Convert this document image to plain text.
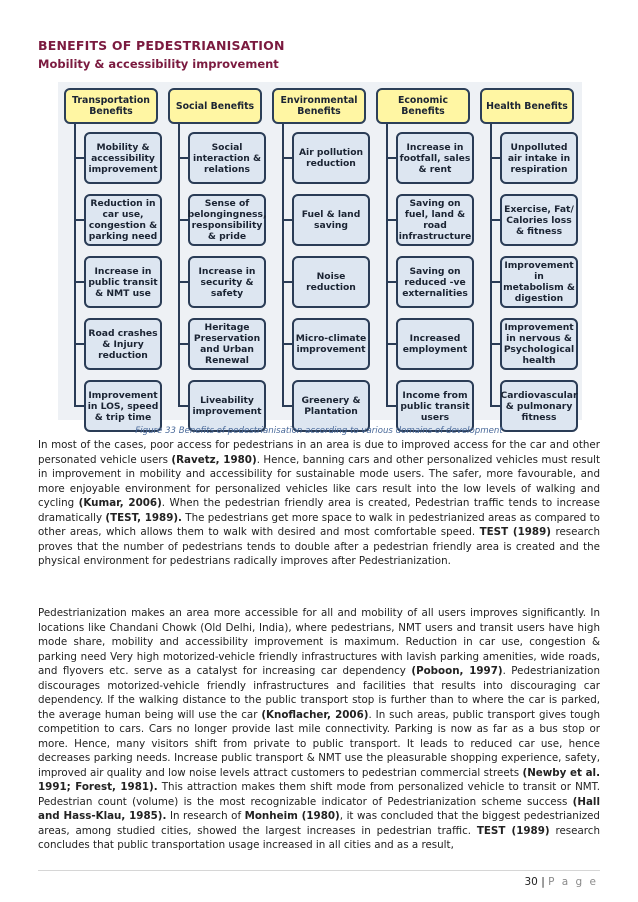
BENEFITS OF PEDESTRIANISATION
Mobility & accessibility improvement
Transportation Benefits
Mobility & accessibility improvement
Reduction in car use, congestion & parking need
Increase in public transit & NMT use
Road crashes & Injury reduction
Improvement in LOS, speed & trip time
Social Benefits
Social interaction & relations
Sense of belongingness, responsibility & pride
Increase in security & safety
Heritage Preservation and Urban Renewal
Liveability improvement
Environmental Benefits
Air pollution reduction
Fuel & land saving
Noise reduction
Micro-climate improvement
Greenery & Plantation
Economic Benefits
Increase in footfall, sales & rent
Saving on fuel, land & road infrastructure
Saving on reduced -ve externalities
Increased employment
Income from public transit users
Health Benefits
Unpolluted air intake in respiration
Exercise, Fat/ Calories loss & fitness
Improvement in metabolism & digestion
Improvement in nervous & Psychological health
Cardiovascular & pulmonary fitness
Figure 33 Benefits of pedestrianisation according to various domains of development

In most of the cases, poor access for pedestrians in an area is due to improved access for the car and other personated vehicle users (Ravetz, 1980). Hence, banning cars and other personalized vehicles must result in improvement in mobility and accessibility for sustainable mode users. The safer, more favourable, and more enjoyable environment for personalized vehicles like cars result into the low levels of walking and cycling (Kumar, 2006). When the pedestrian friendly area is created, Pedestrian traffic tends to increase dramatically (TEST, 1989). The pedestrians get more space to walk in pedestrianized areas as compared to other areas, which allows them to walk with desired and most comfortable speed. TEST (1989) research proves that the number of pedestrians tends to double after a pedestrian friendly area is created and the physical environment for pedestrians radically improves after Pedestrianization.

Pedestrianization makes an area more accessible for all and mobility of all users improves significantly. In locations like Chandani Chowk (Old Delhi, India), where pedestrians, NMT users and transit users have high mode share, mobility and accessibility improvement is maximum. Reduction in car use, congestion & parking need Very high motorized-vehicle friendly infrastructures with lavish parking amenities, wide roads, and flyovers etc. serve as a catalyst for increasing car dependency (Poboon, 1997). Pedestrianization discourages motorized-vehicle friendly infrastructures and facilities that results into discouraging car dependency. If the walking distance to the public transport stop is further than to where the car is parked, the average human being will use the car (Knoflacher, 2006). In such areas, public transport gives tough competition to cars. Cars no longer provide last mile connectivity. Parking is now as far as a bus stop or more. Hence, many visitors shift from private to public transport. It leads to reduced car use, hence decreases parking needs. Increase public transport & NMT use the pleasurable shopping experience, safety, improved air quality and low noise levels attract customers to pedestrian commercial streets (Newby et al. 1991; Forest, 1981). This attraction makes them shift mode from personalized vehicle to transit or NMT. Pedestrian count (volume) is the most recognizable indicator of Pedestrianization scheme success (Hall and Hass-Klau, 1985). In research of Monheim (1980), it was concluded that the biggest pedestrianized areas, among studied cities, showed the largest increases in pedestrian traffic. TEST (1989) research concludes that public transportation usage increased in all cities and as a result,

30 | P a g e
